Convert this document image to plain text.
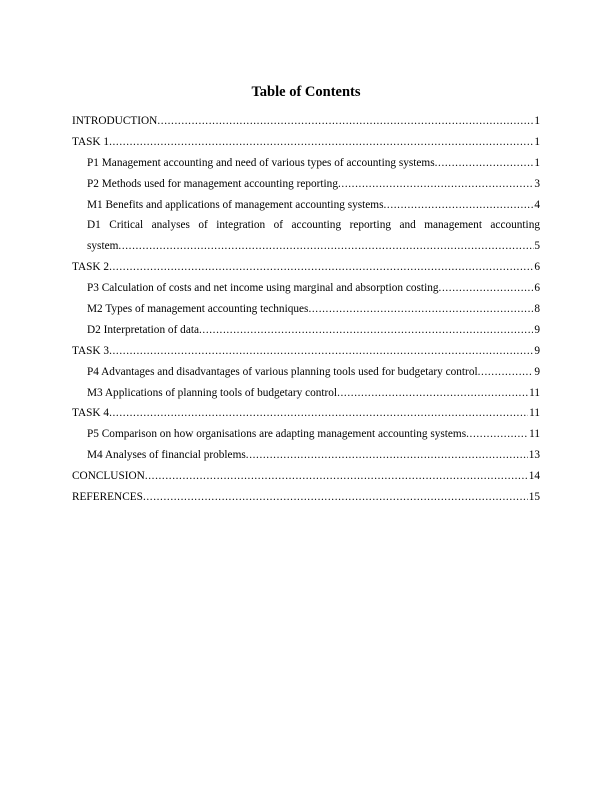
Table of Contents
INTRODUCTION .....	1
TASK 1 .....	1
P1 Management accounting and need of various types of accounting systems .....	1
P2 Methods used for management accounting reporting .....	3
M1 Benefits and applications of management accounting systems .....	4
D1 Critical analyses of integration of accounting reporting and management accounting
system .....	5
TASK 2 .....	6
P3 Calculation of costs and net income using marginal and absorption costing .....	6
M2 Types of management accounting techniques .....	8
D2 Interpretation of data .....	9
TASK 3 .....	9
P4 Advantages and disadvantages of various planning tools used for budgetary control .....	9
M3 Applications of planning tools of budgetary control .....	11
TASK 4 .....	11
P5 Comparison on how organisations are adapting management accounting systems .....	11
M4 Analyses of financial problems .....	13
CONCLUSION .....	14
REFERENCES .....	15
